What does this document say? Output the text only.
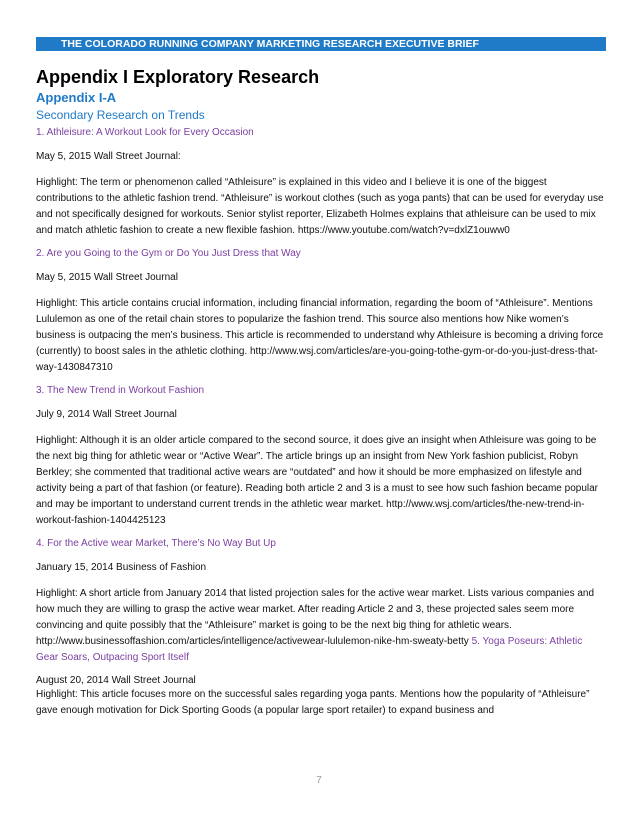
THE COLORADO RUNNING COMPANY MARKETING RESEARCH EXECUTIVE BRIEF
Appendix I Exploratory Research
Appendix I-A

Secondary Research on Trends

1. Athleisure: A Workout Look for Every Occasion

May 5, 2015 Wall Street Journal:

Highlight: The term or phenomenon called “Athleisure” is explained in this video and I believe it is one of the biggest contributions to the athletic fashion trend. “Athleisure” is workout clothes (such as yoga pants) that can be used for everyday use and not specifically designed for workouts. Senior stylist reporter, Elizabeth Holmes explains that athleisure can be used to mix and match athletic fashion to create a new flexible fashion. https://www.youtube.com/watch?v=dxlZ1ouww0

2. Are you Going to the Gym or Do You Just Dress that Way

May 5, 2015 Wall Street Journal

Highlight: This article contains crucial information, including financial information, regarding the boom of “Athleisure”. Mentions Lululemon as one of the retail chain stores to popularize the fashion trend. This source also mentions how Nike women’s business is outpacing the men’s business. This article is recommended to understand why Athleisure is becoming a driving force (currently) to boost sales in the athletic clothing. http://www.wsj.com/articles/are-you-going-tothe-gym-or-do-you-just-dress-that-way-1430847310

3. The New Trend in Workout Fashion

July 9, 2014 Wall Street Journal

Highlight: Although it is an older article compared to the second source, it does give an insight when Athleisure was going to be the next big thing for athletic wear or “Active Wear”. The article brings up an insight from New York fashion publicist, Robyn Berkley; she commented that traditional active wears are “outdated” and how it should be more emphasized on lifestyle and activity being a part of that fashion (or feature). Reading both article 2 and 3 is a must to see how such fashion became popular and may be important to understand current trends in the athletic wear market. http://www.wsj.com/articles/the-new-trend-in-workout-fashion-1404425123

4. For the Active wear Market, There’s No Way But Up

January 15, 2014 Business of Fashion

Highlight: A short article from January 2014 that listed projection sales for the active wear market. Lists various companies and how much they are willing to grasp the active wear market. After reading Article 2 and 3, these projected sales seem more convincing and quite possibly that the “Athleisure” market is going to be the next big thing for athletic wears. http://www.businessoffashion.com/articles/intelligence/activewear-lululemon-nike-hm-sweaty-betty 5. Yoga Poseurs: Athletic Gear Soars, Outpacing Sport Itself

August 20, 2014 Wall Street Journal

Highlight: This article focuses more on the successful sales regarding yoga pants. Mentions how the popularity of “Athleisure” gave enough motivation for Dick Sporting Goods (a popular large sport retailer) to expand business and

7
